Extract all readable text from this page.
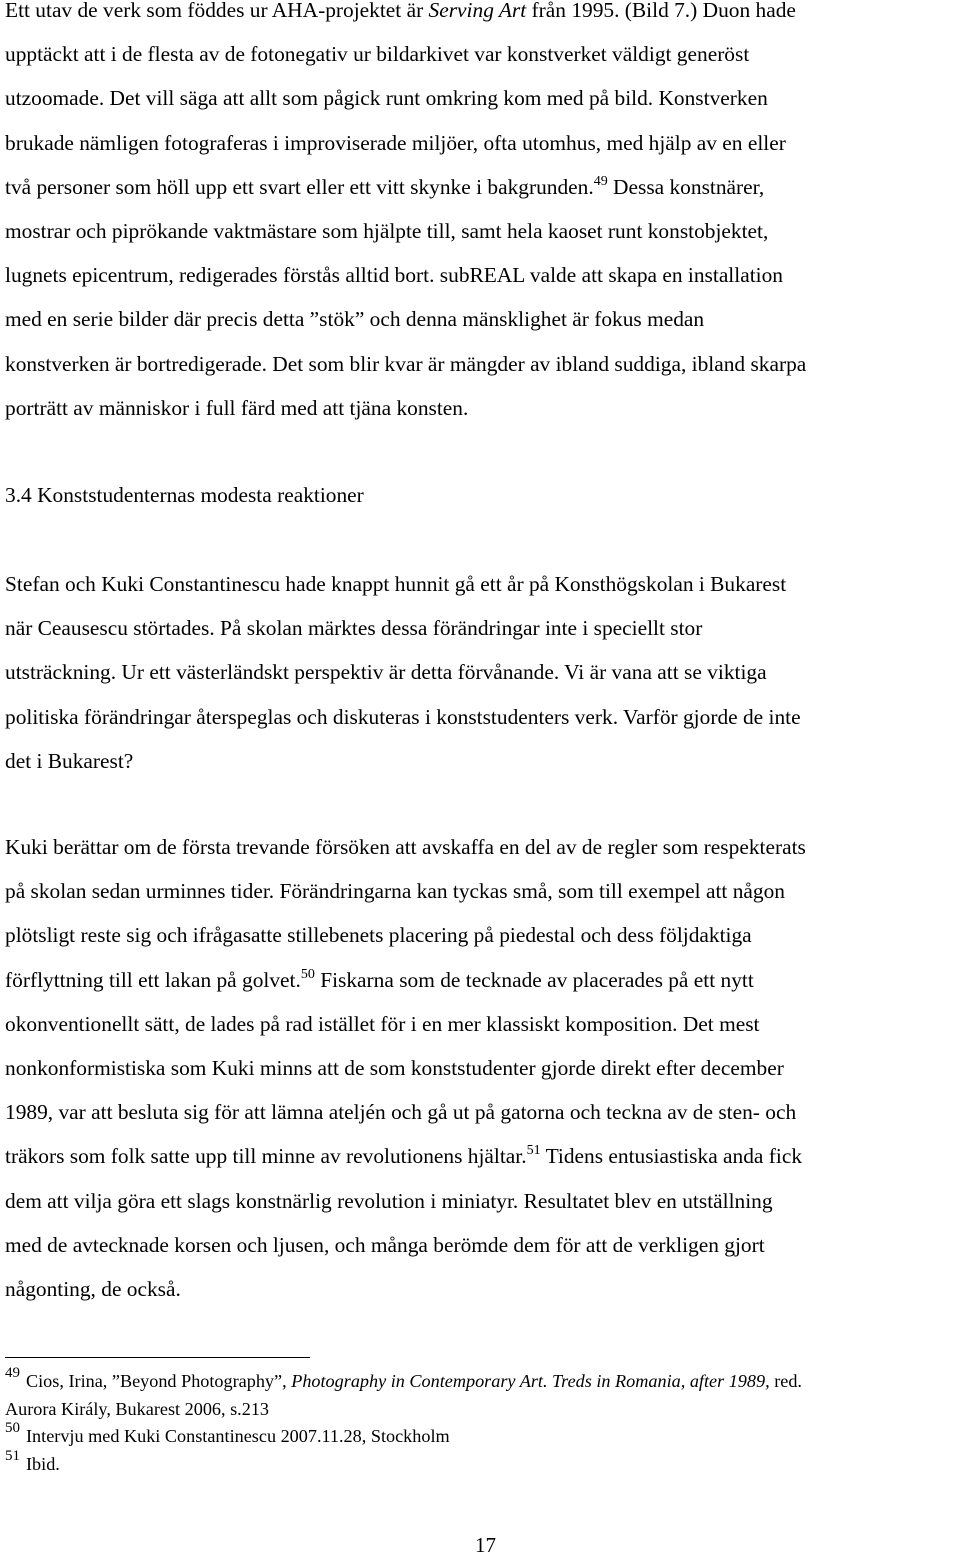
Ett utav de verk som föddes ur AHA-projektet är Serving Art från 1995. (Bild 7.) Duon hade
upptäckt att i de flesta av de fotonegativ ur bildarkivet var konstverket väldigt generöst
utzoomade. Det vill säga att allt som pågick runt omkring kom med på bild. Konstverken
brukade nämligen fotograferas i improviserade miljöer, ofta utomhus, med hjälp av en eller
två personer som höll upp ett svart eller ett vitt skynke i bakgrunden.$^{49}$ Dessa konstnärer,
mostrar och piprökande vaktmästare som hjälpte till, samt hela kaoset runt konstobjektet,
lugnets epicentrum, redigerades förstås alltid bort. subREAL valde att skapa en installation
med en serie bilder där precis detta ”stök” och denna mänsklighet är fokus medan
konstverken är bortredigerade. Det som blir kvar är mängder av ibland suddiga, ibland skarpa
porträtt av människor i full färd med att tjäna konsten.

3.4 Konststudenternas modesta reaktioner

Stefan och Kuki Constantinescu hade knappt hunnit gå ett år på Konsthögskolan i Bukarest
när Ceausescu störtades. På skolan märktes dessa förändringar inte i speciellt stor
utsträckning. Ur ett västerländskt perspektiv är detta förvånande. Vi är vana att se viktiga
politiska förändringar återspeglas och diskuteras i konststudenters verk. Varför gjorde de inte
det i Bukarest?
Kuki berättar om de första trevande försöken att avskaffa en del av de regler som respekterats
på skolan sedan urminnes tider. Förändringarna kan tyckas små, som till exempel att någon
plötsligt reste sig och ifrågasatte stillebenets placering på piedestal och dess följdaktiga
förflyttning till ett lakan på golvet.$^{50}$ Fiskarna som de tecknade av placerades på ett nytt
okonventionellt sätt, de lades på rad istället för i en mer klassiskt komposition. Det mest
nonkonformistiska som Kuki minns att de som konststudenter gjorde direkt efter december
1989, var att besluta sig för att lämna ateljén och gå ut på gatorna och teckna av de sten- och
träkors som folk satte upp till minne av revolutionens hjältar.$^{51}$ Tidens entusiastiska anda fick
dem att vilja göra ett slags konstnärlig revolution i miniatyr. Resultatet blev en utställning
med de avtecknade korsen och ljusen, och många berömde dem för att de verkligen gjort
någonting, de också.

$^{49}$ Cios, Irina, ”Beyond Photography”, Photography in Contemporary Art. Treds in Romania, after 1989, red.

Aurora Király, Bukarest 2006, s.213

$^{50}$ Intervju med Kuki Constantinescu 2007.11.28, Stockholm

$^{51}$ Ibid.

17
